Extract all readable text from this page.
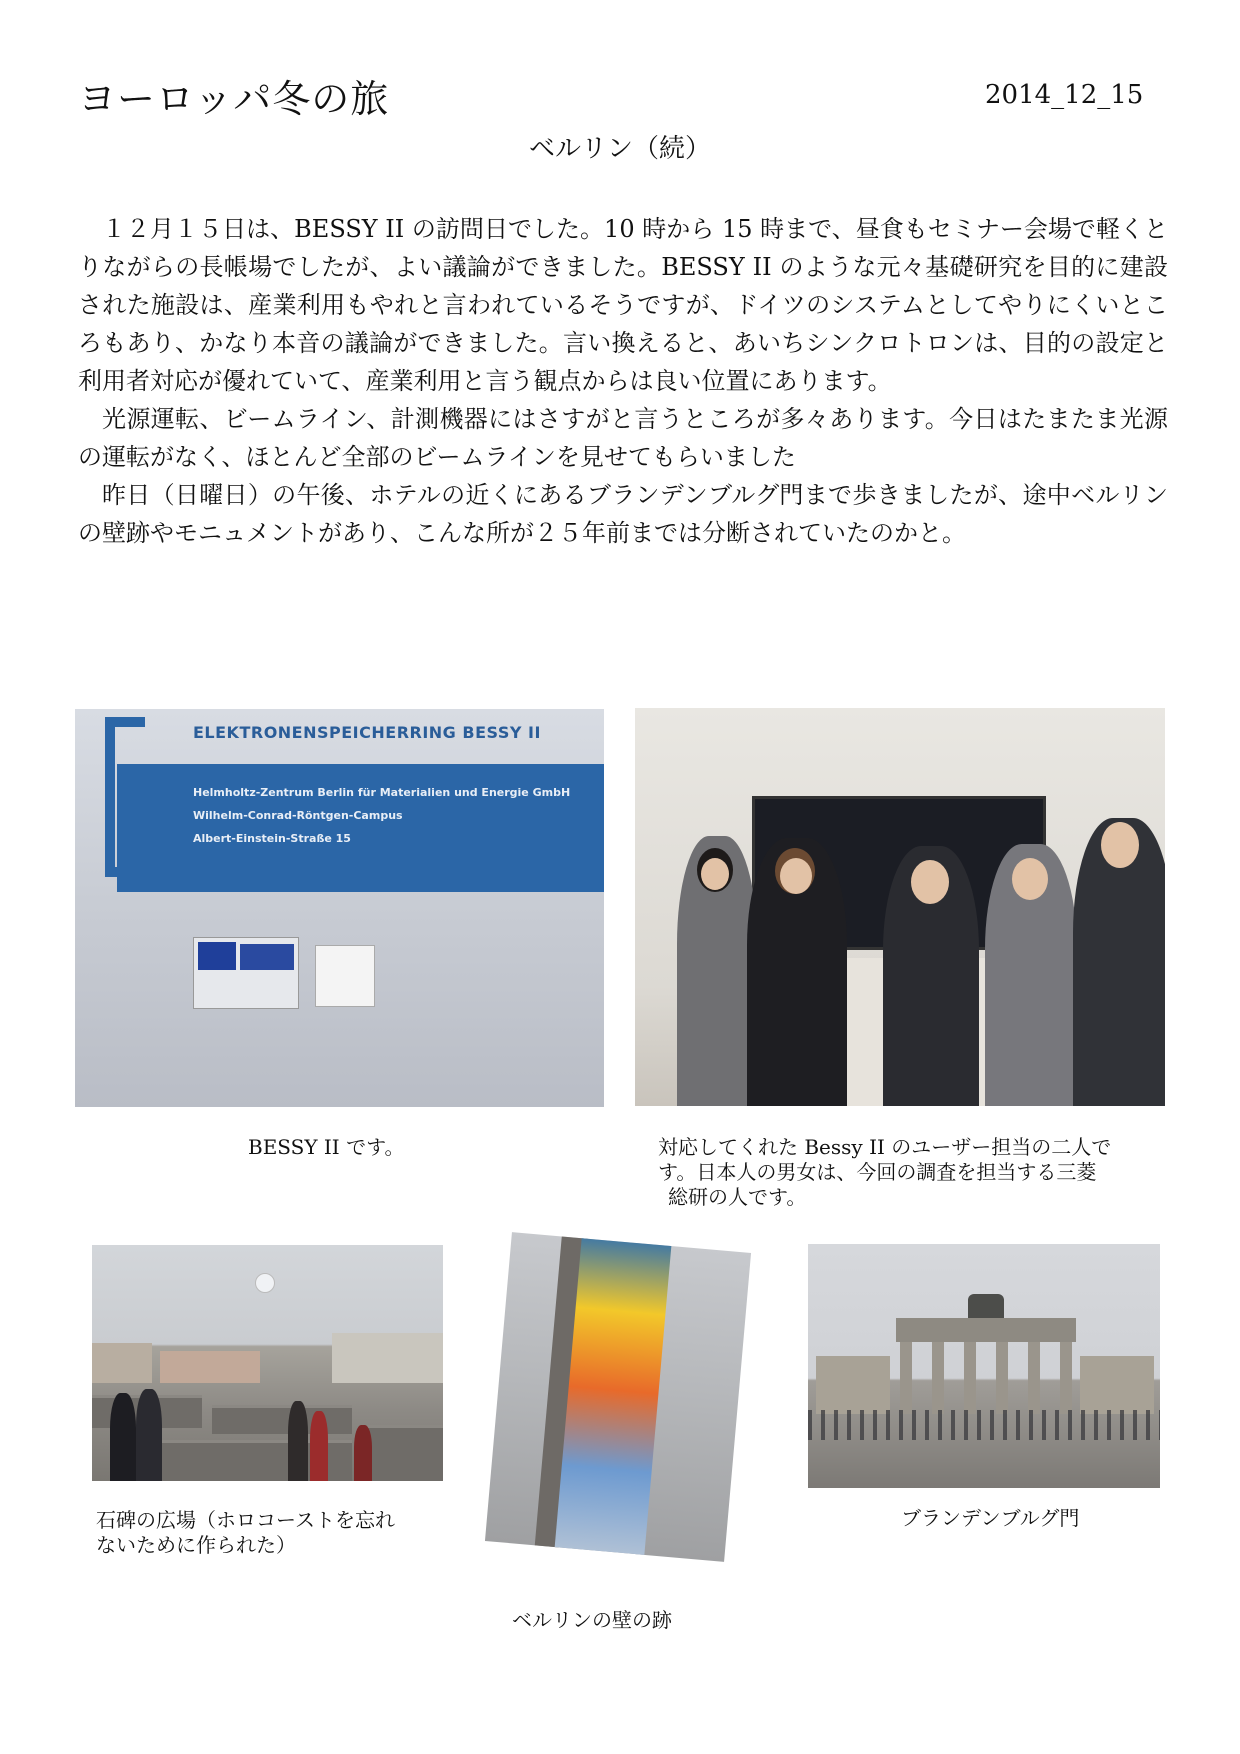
ヨーロッパ冬の旅	2014_12_15
ベルリン（続）

１２月１５日は、BESSY II の訪問日でした。10 時から 15 時まで、昼食もセミナー会場で軽くとりながらの長帳場でしたが、よい議論ができました。BESSY II のような元々基礎研究を目的に建設された施設は、産業利用もやれと言われているそうですが、ドイツのシステムとしてやりにくいところもあり、かなり本音の議論ができました。言い換えると、あいちシンクロトロンは、目的の設定と利用者対応が優れていて、産業利用と言う観点からは良い位置にあります。

光源運転、ビームライン、計測機器にはさすがと言うところが多々あります。今日はたまたま光源の運転がなく、ほとんど全部のビームラインを見せてもらいました

昨日（日曜日）の午後、ホテルの近くにあるブランデンブルグ門まで歩きましたが、途中ベルリンの壁跡やモニュメントがあり、こんな所が２５年前までは分断されていたのかと。

ELEKTRONENSPEICHERRING BESSY II
Helmholtz-Zentrum Berlin für Materialien und Energie GmbH
Wilhelm-Conrad-Röntgen-Campus
Albert-Einstein-Straße 15
BESSY II です。	対応してくれた Bessy II のユーザー担当の二人で
す。日本人の男女は、今回の調査を担当する三菱
総研の人です。
石碑の広場（ホロコーストを忘れ
ないために作られた）
ベルリンの壁の跡
ブランデンブルグ門
